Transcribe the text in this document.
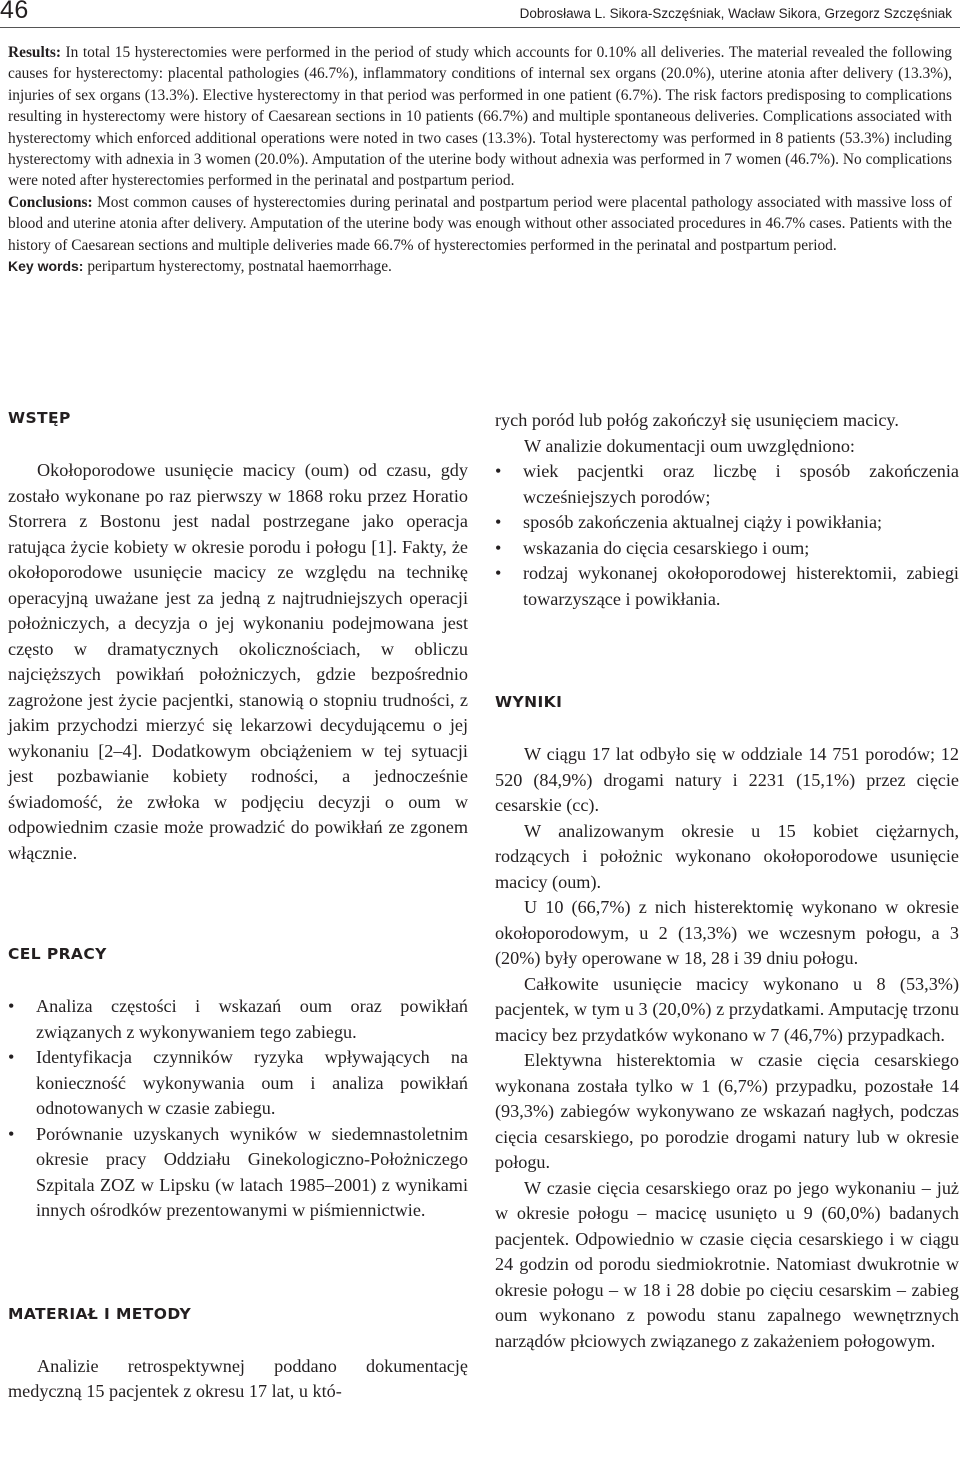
46	Dobrosława L. Sikora-Szczęśniak, Wacław Sikora, Grzegorz Szczęśniak

Results: In total 15 hysterectomies were performed in the period of study which accounts for 0.10% all deliveries. The material revealed the following causes for hysterectomy: placental pathologies (46.7%), inflammatory conditions of internal sex organs (20.0%), uterine atonia after delivery (13.3%), injuries of sex organs (13.3%). Elective hysterectomy in that period was performed in one patient (6.7%). The risk factors predisposing to complications resulting in hysterectomy were history of Caesarean sections in 10 patients (66.7%) and multiple spontaneous deliveries. Complications associated with hysterectomy which enforced additional operations were noted in two cases (13.3%). Total hysterectomy was performed in 8 patients (53.3%) including hysterectomy with adnexia in 3 women (20.0%). Amputation of the uterine body without adnexia was performed in 7 women (46.7%). No complications were noted after hysterectomies performed in the perinatal and postpartum period.

Conclusions: Most common causes of hysterectomies during perinatal and postpartum period were placental pathology associated with massive loss of blood and uterine atonia after delivery. Amputation of the uterine body was enough without other associated procedures in 46.7% cases. Patients with the history of Caesarean sections and multiple deliveries made 66.7% of hysterectomies performed in the perinatal and postpartum period.

Key words: peripartum hysterectomy, postnatal haemorrhage.

WSTĘP

Okołoporodowe usunięcie macicy (oum) od czasu, gdy zostało wykonane po raz pierwszy w 1868 roku przez Horatio Storrera z Bostonu jest nadal postrzegane jako operacja ratująca życie kobiety w okresie porodu i połogu [1]. Fakty, że okołoporodowe usunięcie macicy ze względu na technikę operacyjną uważane jest za jedną z najtrudniejszych operacji położniczych, a decyzja o jej wykonaniu podejmowana jest często w dramatycznych okolicznościach, w obliczu najcięższych powikłań położniczych, gdzie bezpośrednio zagrożone jest życie pacjentki, stanowią o stopniu trudności, z jakim przychodzi mierzyć się lekarzowi decydującemu o jej wykonaniu [2–4]. Dodatkowym obciążeniem w tej sytuacji jest pozbawianie kobiety rodności, a jednocześnie świadomość, że zwłoka w podjęciu decyzji o oum w odpowiednim czasie może prowadzić do powikłań ze zgonem włącznie.

CEL PRACY
• Analiza częstości i wskazań oum oraz powikłań związanych z wykonywaniem tego zabiegu.
• Identyfikacja czynników ryzyka wpływających na konieczność wykonywania oum i analiza powikłań odnotowanych w czasie zabiegu.
• Porównanie uzyskanych wyników w siedemnastoletnim okresie pracy Oddziału Ginekologiczno-Położniczego Szpitala ZOZ w Lipsku (w latach 1985–2001) z wynikami innych ośrodków prezentowanymi w piśmiennictwie.
MATERIAŁ I METODY

Analizie retrospektywnej poddano dokumentację medyczną 15 pacjentek z okresu 17 lat, u któ-

rych poród lub połóg zakończył się usunięciem macicy.

W analizie dokumentacji oum uwzględniono:

• wiek pacjentki oraz liczbę i sposób zakończenia wcześniejszych porodów;
• sposób zakończenia aktualnej ciąży i powikłania;
• wskazania do cięcia cesarskiego i oum;
• rodzaj wykonanej okołoporodowej histerektomii, zabiegi towarzyszące i powikłania.
WYNIKI

W ciągu 17 lat odbyło się w oddziale 14 751 porodów; 12 520 (84,9%) drogami natury i 2231 (15,1%) przez cięcie cesarskie (cc).

W analizowanym okresie u 15 kobiet ciężarnych, rodzących i położnic wykonano okołoporodowe usunięcie macicy (oum).

U 10 (66,7%) z nich histerektomię wykonano w okresie okołoporodowym, u 2 (13,3%) we wczesnym połogu, a 3 (20%) były operowane w 18, 28 i 39 dniu połogu.

Całkowite usunięcie macicy wykonano u 8 (53,3%) pacjentek, w tym u 3 (20,0%) z przydatkami. Amputację trzonu macicy bez przydatków wykonano w 7 (46,7%) przypadkach.

Elektywna histerektomia w czasie cięcia cesarskiego wykonana została tylko w 1 (6,7%) przypadku, pozostałe 14 (93,3%) zabiegów wykonywano ze wskazań nagłych, podczas cięcia cesarskiego, po porodzie drogami natury lub w okresie połogu.

W czasie cięcia cesarskiego oraz po jego wykonaniu – już w okresie połogu – macicę usunięto u 9 (60,0%) badanych pacjentek. Odpowiednio w czasie cięcia cesarskiego i w ciągu 24 godzin od porodu siedmiokrotnie. Natomiast dwukrotnie w okresie połogu – w 18 i 28 dobie po cięciu cesarskim – zabieg oum wykonano z powodu stanu zapalnego wewnętrznych narządów płciowych związanego z zakażeniem połogowym.
